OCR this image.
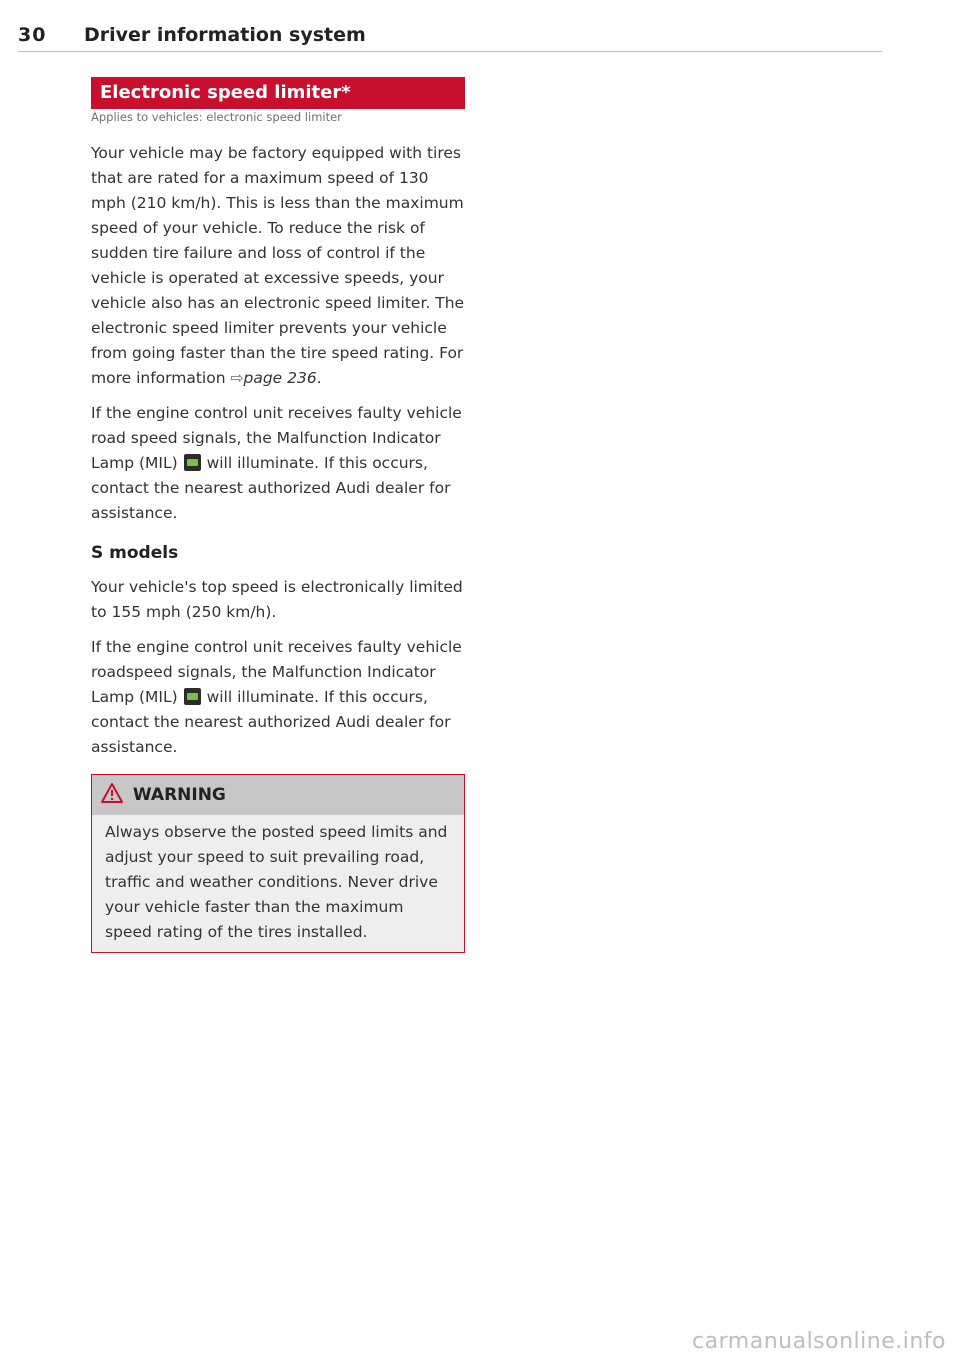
30 Driver information system
Electronic speed limiter*
Applies to vehicles: electronic speed limiter

Your vehicle may be factory equipped with tires that are rated for a maximum speed of 130 mph (210 km/h). This is less than the maximum speed of your vehicle. To reduce the risk of sudden tire failure and loss of control if the vehicle is operated at excessive speeds, your vehicle also has an electronic speed limiter. The electronic speed limiter prevents your vehicle from going faster than the tire speed rating. For more information ⇨page 236.

If the engine control unit receives faulty vehicle road speed signals, the Malfunction Indicator Lamp (MIL) will illuminate. If this occurs, contact the nearest authorized Audi dealer for assistance.

S models

Your vehicle's top speed is electronically limited to 155 mph (250 km/h).

If the engine control unit receives faulty vehicle roadspeed signals, the Malfunction Indicator Lamp (MIL) will illuminate. If this occurs, contact the nearest authorized Audi dealer for assistance.

WARNING
Always observe the posted speed limits and adjust your speed to suit prevailing road, traffic and weather conditions. Never drive your vehicle faster than the maximum speed rating of the tires installed.
carmanualsonline.info
